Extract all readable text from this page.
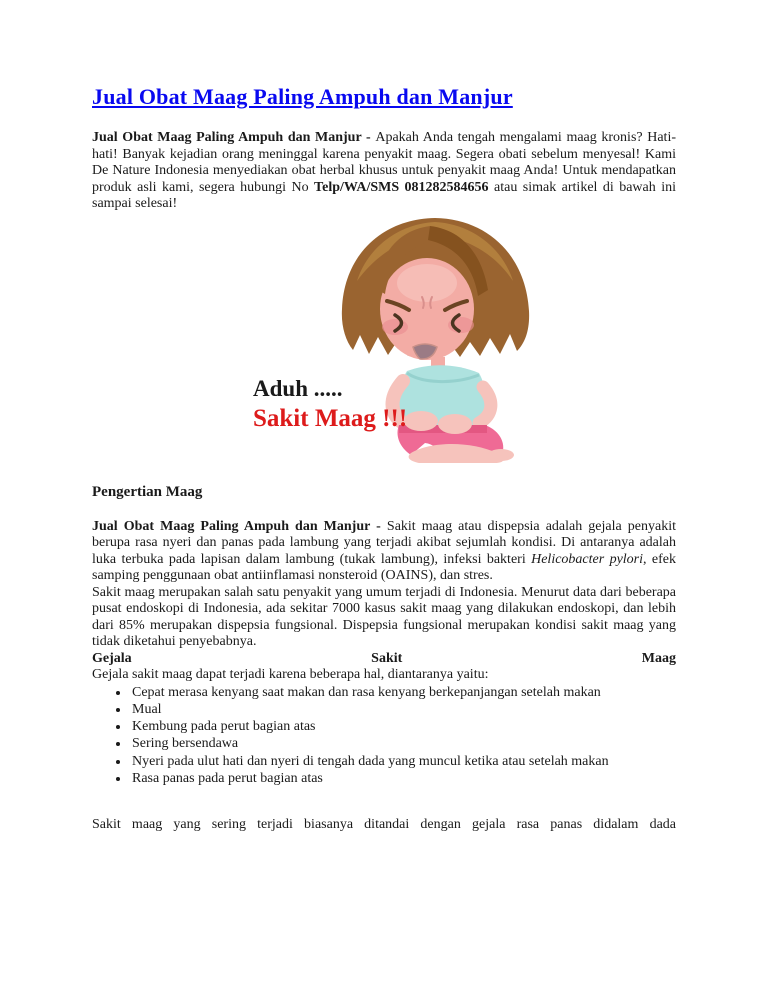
Jual Obat Maag Paling Ampuh dan Manjur

Jual Obat Maag Paling Ampuh dan Manjur - Apakah Anda tengah mengalami maag kronis? Hati-hati! Banyak kejadian orang meninggal karena penyakit maag. Segera obati sebelum menyesal! Kami De Nature Indonesia menyediakan obat herbal khusus untuk penyakit maag Anda! Untuk mendapatkan produk asli kami, segera hubungi No Telp/WA/SMS 081282584656 atau simak artikel di bawah ini sampai selesai!

Aduh .....
Sakit Maag !!!
Pengertian Maag

Jual Obat Maag Paling Ampuh dan Manjur - Sakit maag atau dispepsia adalah gejala penyakit berupa rasa nyeri dan panas pada lambung yang terjadi akibat sejumlah kondisi. Di antaranya adalah luka terbuka pada lapisan dalam lambung (tukak lambung), infeksi bakteri Helicobacter pylori, efek samping penggunaan obat antiinflamasi nonsteroid (OAINS), dan stres.

Sakit maag merupakan salah satu penyakit yang umum terjadi di Indonesia. Menurut data dari beberapa pusat endoskopi di Indonesia, ada sekitar 7000 kasus sakit maag yang dilakukan endoskopi, dan lebih dari 85% merupakan dispepsia fungsional. Dispepsia fungsional merupakan kondisi sakit maag yang tidak diketahui penyebabnya.

Gejala	Sakit	Maag

Gejala sakit maag dapat terjadi karena beberapa hal, diantaranya yaitu:

• Cepat merasa kenyang saat makan dan rasa kenyang berkepanjangan setelah makan
• Mual
• Kembung pada perut bagian atas
• Sering bersendawa
• Nyeri pada ulut hati dan nyeri di tengah dada yang muncul ketika atau setelah makan
• Rasa panas pada perut bagian atas

Sakit maag yang sering terjadi biasanya ditandai dengan gejala rasa panas didalam dada
